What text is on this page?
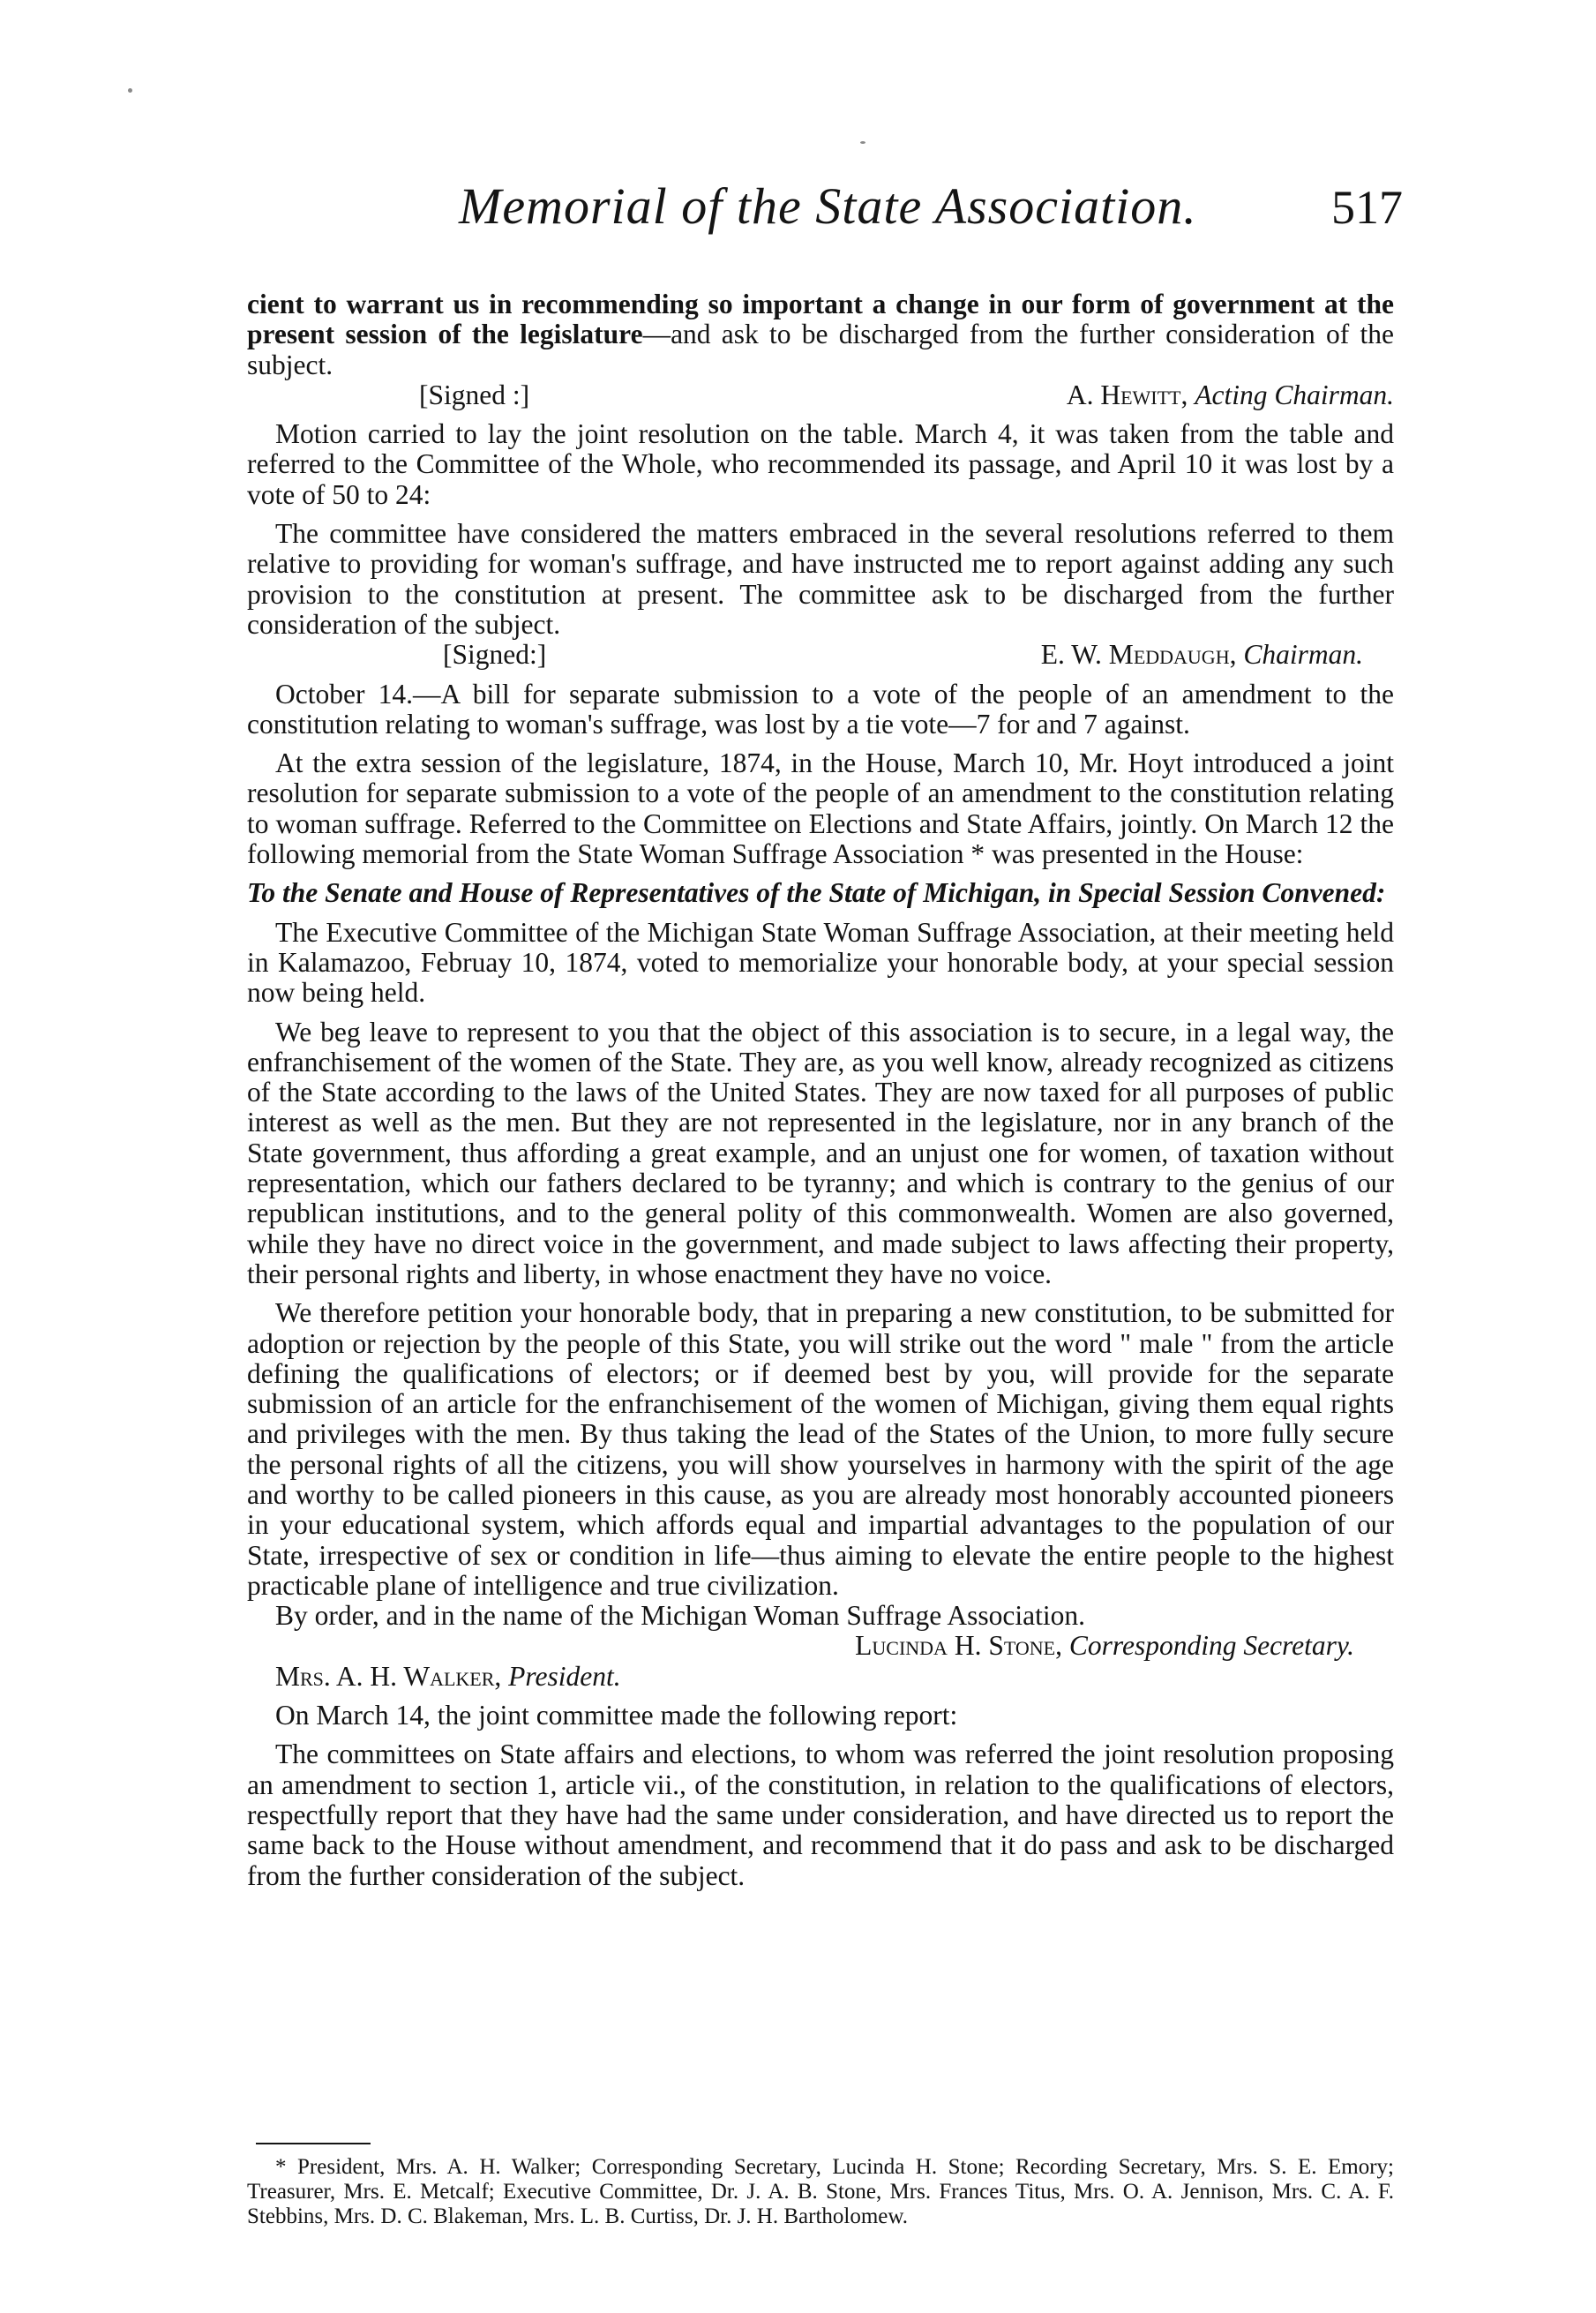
Memorial of the State Association.	517

cient to warrant us in recommending so important a change in our form of government at the present session of the legislature—and ask to be discharged from the further consideration of the subject.
[Signed :]	A. Hewitt, Acting Chairman.

Motion carried to lay the joint resolution on the table. March 4, it was taken from the table and referred to the Committee of the Whole, who recommended its passage, and April 10 it was lost by a vote of 50 to 24:

The committee have considered the matters embraced in the several resolutions referred to them relative to providing for woman's suffrage, and have instructed me to report against adding any such provision to the constitution at present. The committee ask to be discharged from the further consideration of the subject.
[Signed:]	E. W. Meddaugh, Chairman.

October 14.—A bill for separate submission to a vote of the people of an amendment to the constitution relating to woman's suffrage, was lost by a tie vote—7 for and 7 against.

At the extra session of the legislature, 1874, in the House, March 10, Mr. Hoyt introduced a joint resolution for separate submission to a vote of the people of an amendment to the constitution relating to woman suffrage. Referred to the Committee on Elections and State Affairs, jointly. On March 12 the following memorial from the State Woman Suffrage Association * was presented in the House:

To the Senate and House of Representatives of the State of Michigan, in Special Session Convened:

The Executive Committee of the Michigan State Woman Suffrage Association, at their meeting held in Kalamazoo, Februay 10, 1874, voted to memorialize your honorable body, at your special session now being held.

We beg leave to represent to you that the object of this association is to secure, in a legal way, the enfranchisement of the women of the State. They are, as you well know, already recognized as citizens of the State according to the laws of the United States. They are now taxed for all purposes of public interest as well as the men. But they are not represented in the legislature, nor in any branch of the State government, thus affording a great example, and an unjust one for women, of taxation without representation, which our fathers declared to be tyranny; and which is contrary to the genius of our republican institutions, and to the general polity of this commonwealth. Women are also governed, while they have no direct voice in the government, and made subject to laws affecting their property, their personal rights and liberty, in whose enactment they have no voice.

We therefore petition your honorable body, that in preparing a new constitution, to be submitted for adoption or rejection by the people of this State, you will strike out the word " male " from the article defining the qualifications of electors; or if deemed best by you, will provide for the separate submission of an article for the enfranchisement of the women of Michigan, giving them equal rights and privileges with the men. By thus taking the lead of the States of the Union, to more fully secure the personal rights of all the citizens, you will show yourselves in harmony with the spirit of the age and worthy to be called pioneers in this cause, as you are already most honorably accounted pioneers in your educational system, which affords equal and impartial advantages to the population of our State, irrespective of sex or condition in life—thus aiming to elevate the entire people to the highest practicable plane of intelligence and true civilization.

By order, and in the name of the Michigan Woman Suffrage Association.

Lucinda H. Stone, Corresponding Secretary.

Mrs. A. H. Walker, President.

On March 14, the joint committee made the following report:

The committees on State affairs and elections, to whom was referred the joint resolution proposing an amendment to section 1, article vii., of the constitution, in relation to the qualifications of electors, respectfully report that they have had the same under consideration, and have directed us to report the same back to the House without amendment, and recommend that it do pass and ask to be discharged from the further consideration of the subject.

* President, Mrs. A. H. Walker; Corresponding Secretary, Lucinda H. Stone; Recording Secretary, Mrs. S. E. Emory; Treasurer, Mrs. E. Metcalf; Executive Committee, Dr. J. A. B. Stone, Mrs. Frances Titus, Mrs. O. A. Jennison, Mrs. C. A. F. Stebbins, Mrs. D. C. Blakeman, Mrs. L. B. Curtiss, Dr. J. H. Bartholomew.
